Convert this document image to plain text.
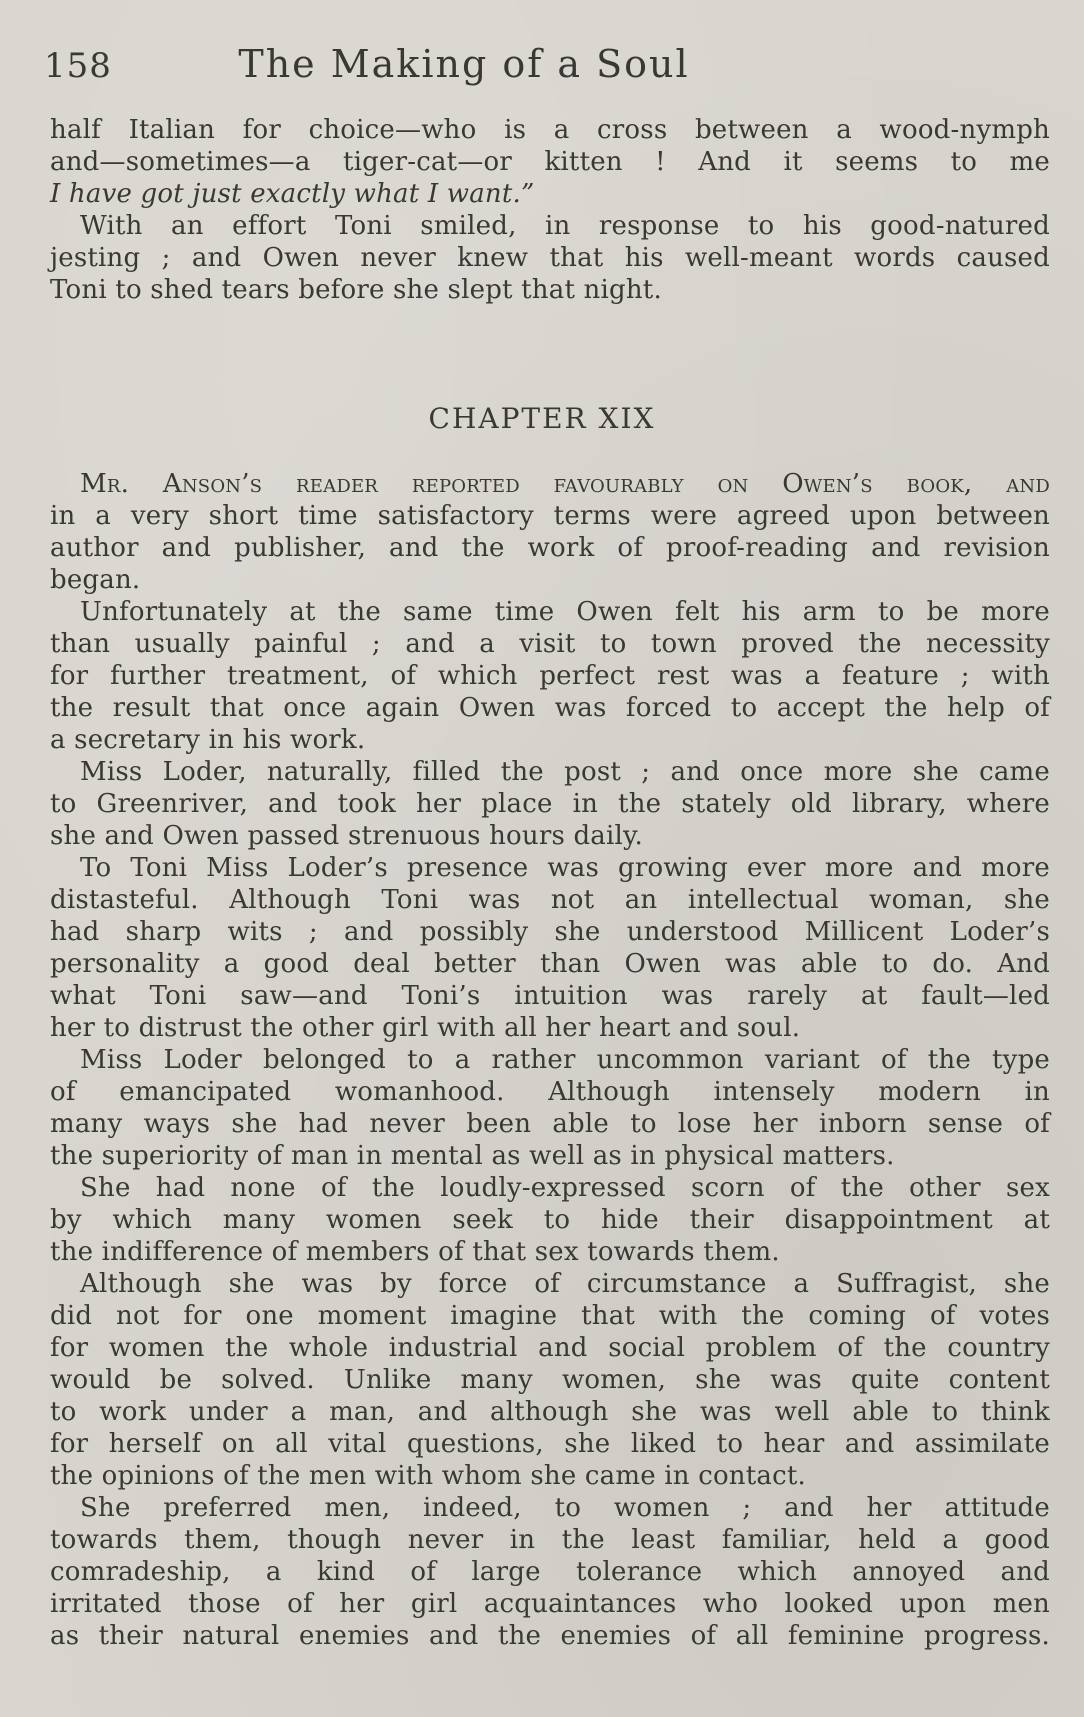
158	The Making of a Soul
half Italian for choice—who is a cross between a wood-nymph
and—sometimes—a tiger-cat—or kitten ! And it seems to me
I have got just exactly what I want.”
With an effort Toni smiled, in response to his good-natured
jesting ; and Owen never knew that his well-meant words caused
Toni to shed tears before she slept that night.
CHAPTER XIX
Mr. Anson’s reader reported favourably on Owen’s book, and
in a very short time satisfactory terms were agreed upon between
author and publisher, and the work of proof-reading and revision
began.
Unfortunately at the same time Owen felt his arm to be more
than usually painful ; and a visit to town proved the necessity
for further treatment, of which perfect rest was a feature ; with
the result that once again Owen was forced to accept the help of
a secretary in his work.
Miss Loder, naturally, filled the post ; and once more she came
to Greenriver, and took her place in the stately old library, where
she and Owen passed strenuous hours daily.
To Toni Miss Loder’s presence was growing ever more and more
distasteful. Although Toni was not an intellectual woman, she
had sharp wits ; and possibly she understood Millicent Loder’s
personality a good deal better than Owen was able to do. And
what Toni saw—and Toni’s intuition was rarely at fault—led
her to distrust the other girl with all her heart and soul.
Miss Loder belonged to a rather uncommon variant of the type
of emancipated womanhood. Although intensely modern in
many ways she had never been able to lose her inborn sense of
the superiority of man in mental as well as in physical matters.
She had none of the loudly-expressed scorn of the other sex
by which many women seek to hide their disappointment at
the indifference of members of that sex towards them.
Although she was by force of circumstance a Suffragist, she
did not for one moment imagine that with the coming of votes
for women the whole industrial and social problem of the country
would be solved. Unlike many women, she was quite content
to work under a man, and although she was well able to think
for herself on all vital questions, she liked to hear and assimilate
the opinions of the men with whom she came in contact.
She preferred men, indeed, to women ; and her attitude
towards them, though never in the least familiar, held a good
comradeship, a kind of large tolerance which annoyed and
irritated those of her girl acquaintances who looked upon men
as their natural enemies and the enemies of all feminine progress.
